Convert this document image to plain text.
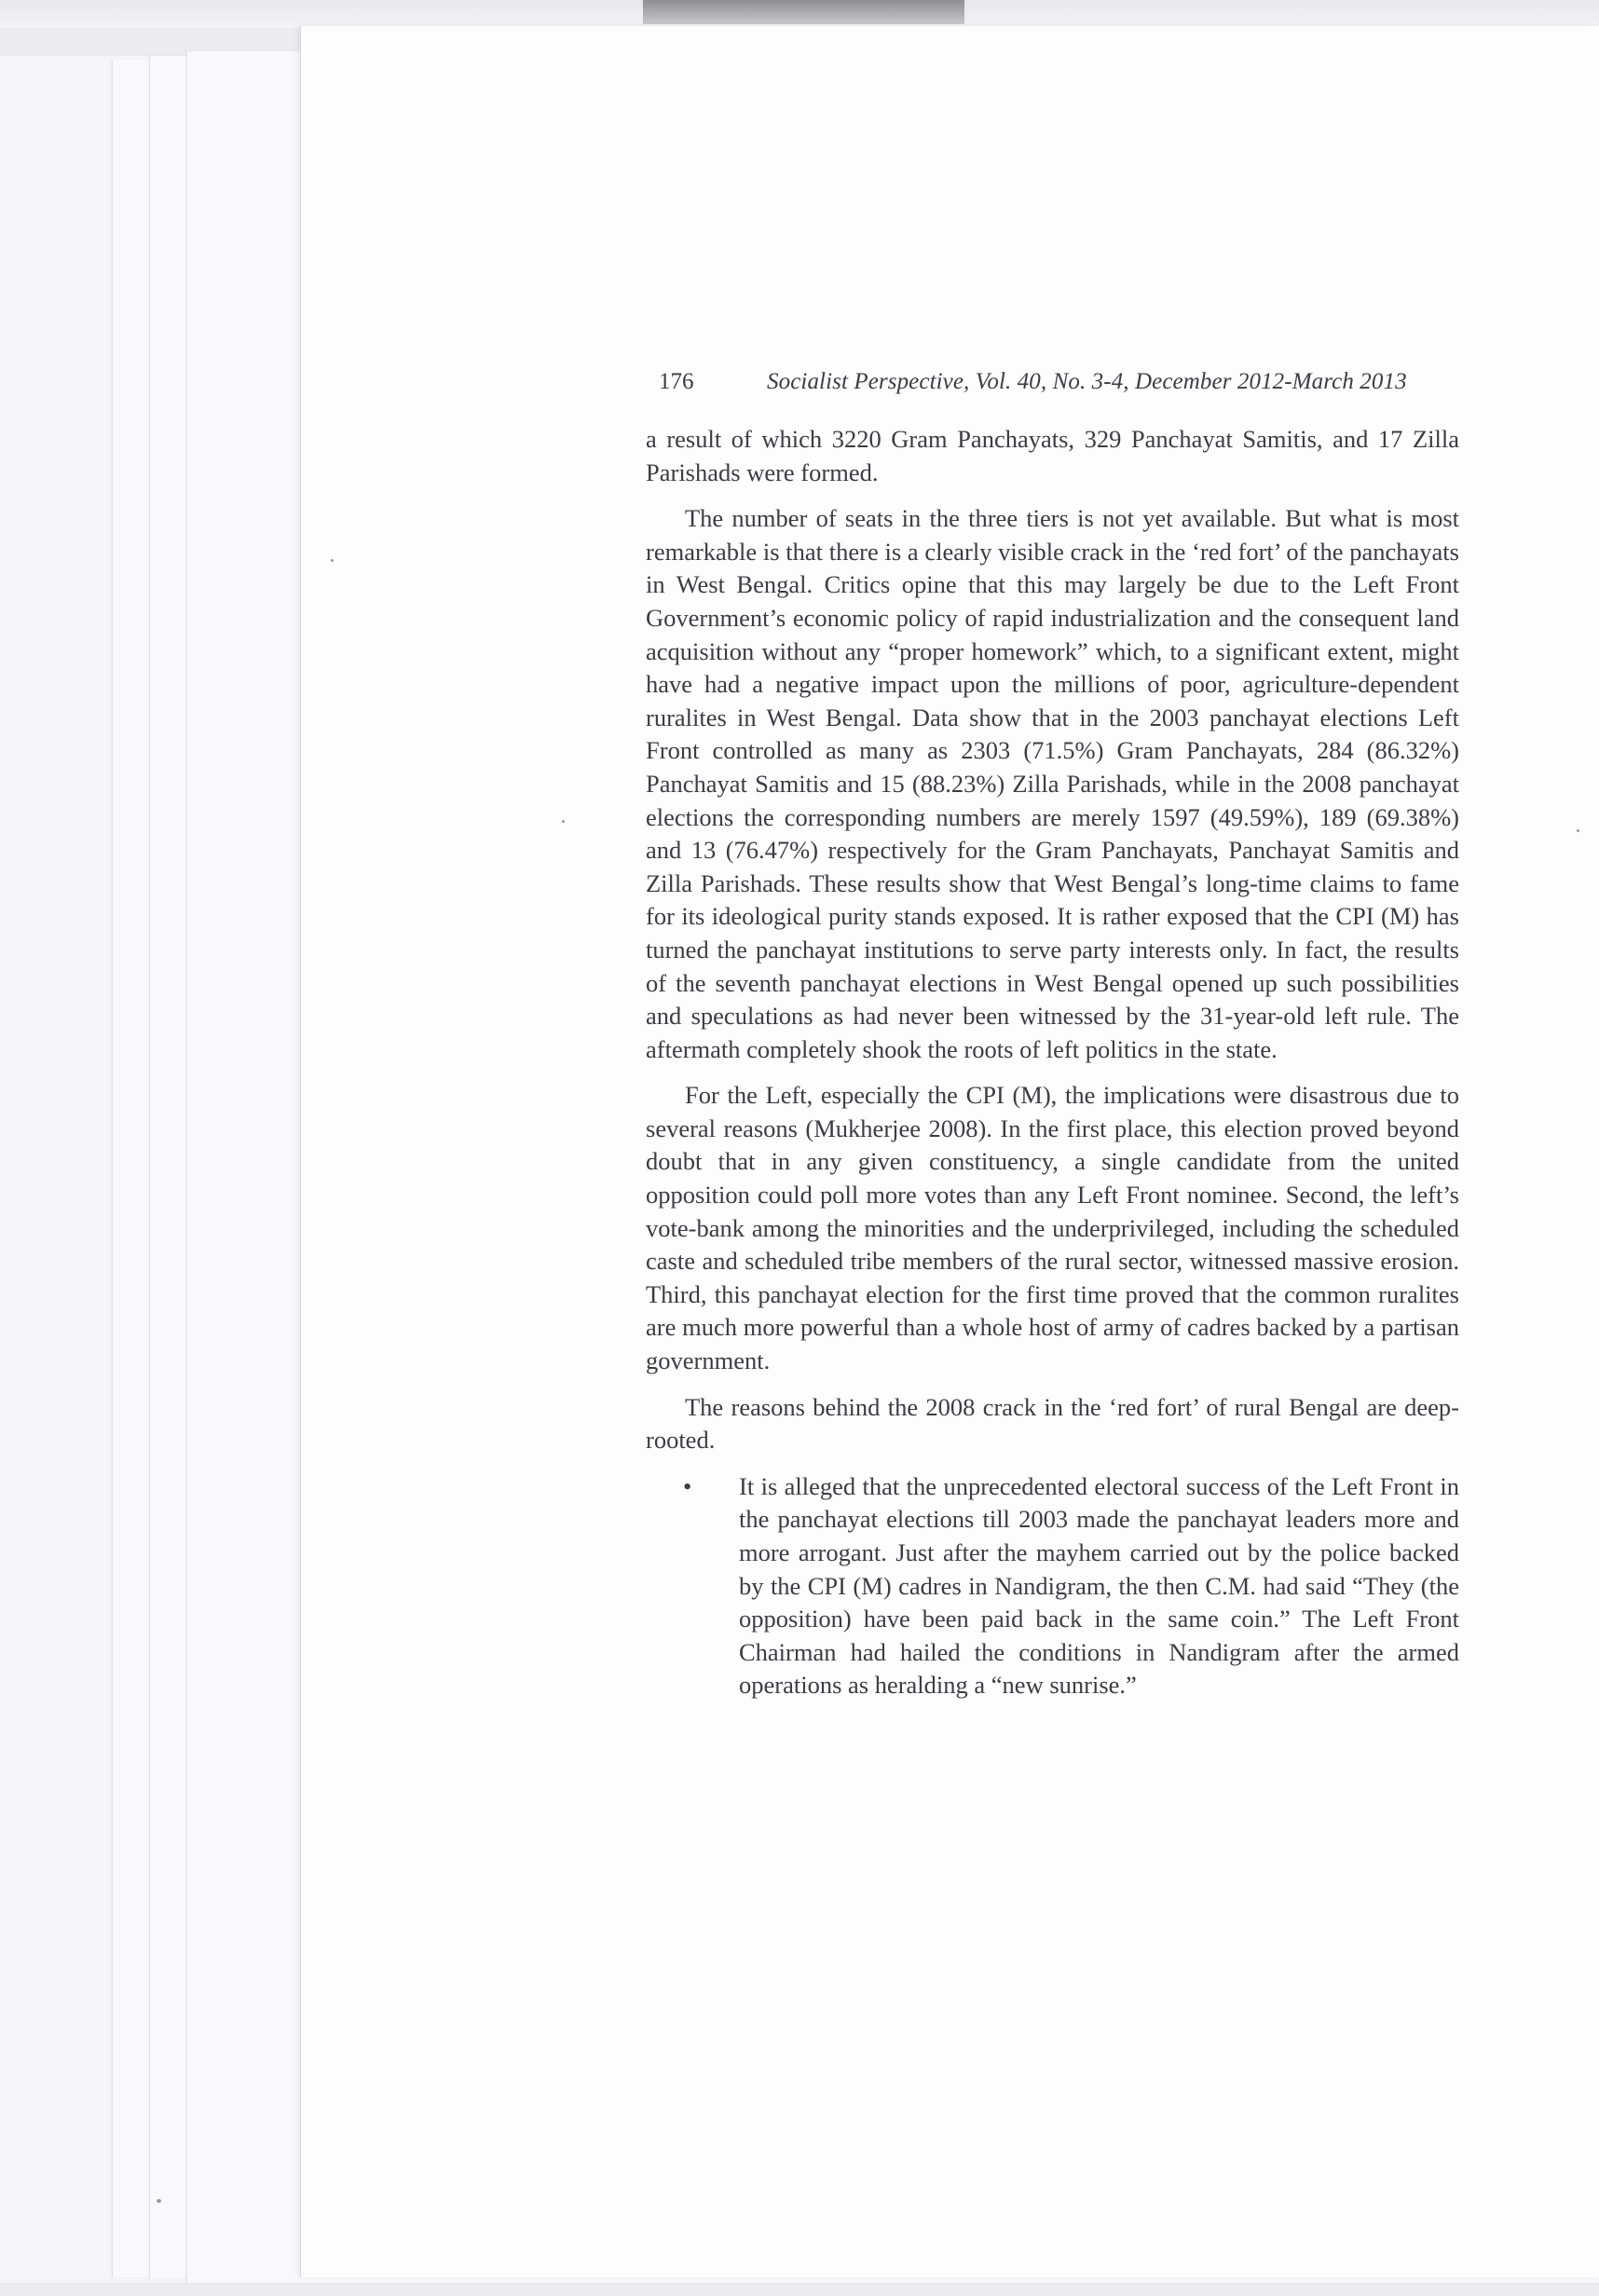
176	Socialist Perspective, Vol. 40, No. 3-4, December 2012-March 2013

a result of which 3220 Gram Panchayats, 329 Panchayat Samitis, and 17 Zilla Parishads were formed.

The number of seats in the three tiers is not yet available. But what is most remarkable is that there is a clearly visible crack in the ‘red fort’ of the panchayats in West Bengal. Critics opine that this may largely be due to the Left Front Government’s economic policy of rapid industrialization and the consequent land acquisition without any “proper homework” which, to a significant extent, might have had a negative impact upon the millions of poor, agriculture-dependent ruralites in West Bengal. Data show that in the 2003 panchayat elections Left Front controlled as many as 2303 (71.5%) Gram Panchayats, 284 (86.32%) Panchayat Samitis and 15 (88.23%) Zilla Parishads, while in the 2008 panchayat elections the corresponding numbers are merely 1597 (49.59%), 189 (69.38%) and 13 (76.47%) respectively for the Gram Panchayats, Panchayat Samitis and Zilla Parishads. These results show that West Bengal’s long-time claims to fame for its ideological purity stands exposed. It is rather exposed that the CPI (M) has turned the panchayat institutions to serve party interests only. In fact, the results of the seventh panchayat elections in West Bengal opened up such possibilities and speculations as had never been witnessed by the 31-year-old left rule. The aftermath completely shook the roots of left politics in the state.

For the Left, especially the CPI (M), the implications were disastrous due to several reasons (Mukherjee 2008). In the first place, this election proved beyond doubt that in any given constituency, a single candidate from the united opposition could poll more votes than any Left Front nominee. Second, the left’s vote-bank among the minorities and the underprivileged, including the scheduled caste and scheduled tribe members of the rural sector, witnessed massive erosion. Third, this panchayat election for the first time proved that the common ruralites are much more powerful than a whole host of army of cadres backed by a partisan government.

The reasons behind the 2008 crack in the ‘red fort’ of rural Bengal are deep-rooted.

•	It is alleged that the unprecedented electoral success of the Left Front in the panchayat elections till 2003 made the panchayat leaders more and more arrogant. Just after the mayhem carried out by the police backed by the CPI (M) cadres in Nandigram, the then C.M. had said “They (the opposition) have been paid back in the same coin.” The Left Front Chairman had hailed the conditions in Nandigram after the armed operations as heralding a “new sunrise.”
